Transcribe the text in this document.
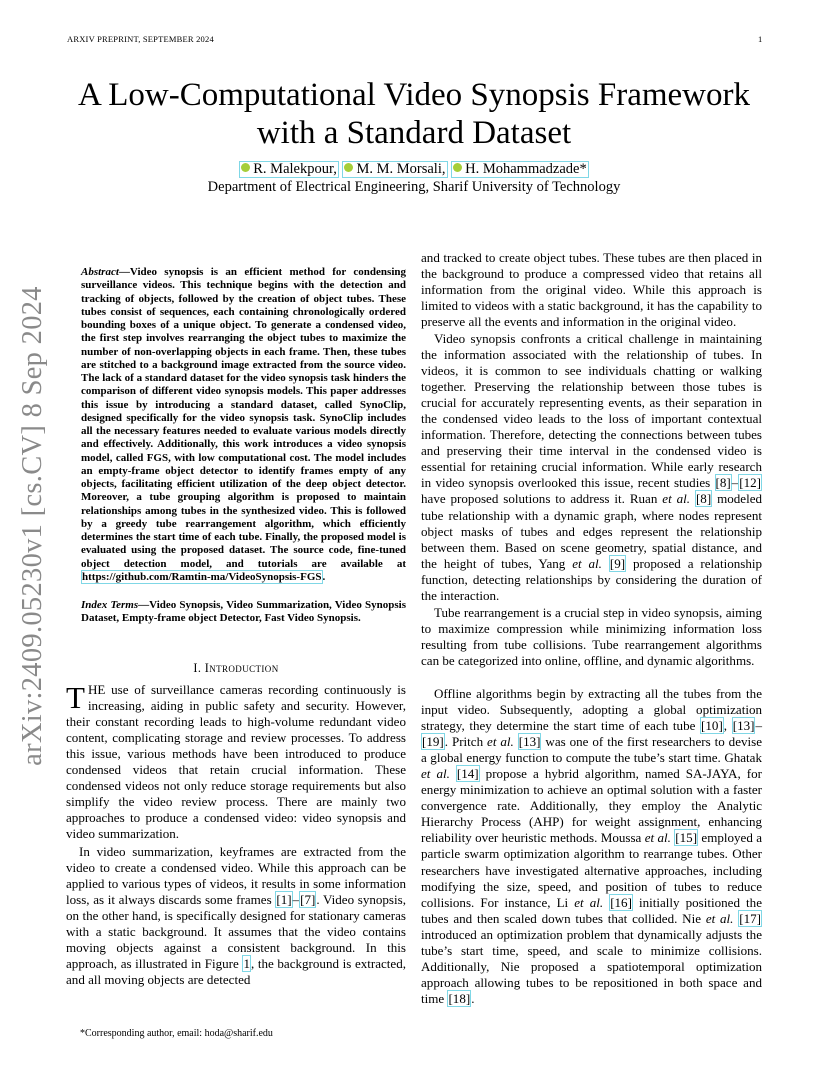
ARXIV PREPRINT, SEPTEMBER 2024	1
A Low-Computational Video Synopsis Framework
with a Standard Dataset
R. Malekpour, M. M. Morsali, H. Mohammadzade*
Department of Electrical Engineering, Sharif University of Technology
arXiv:2409.05230v1 [cs.CV] 8 Sep 2024
Abstract—Video synopsis is an efficient method for condensing surveillance videos. This technique begins with the detection and tracking of objects, followed by the creation of object tubes. These tubes consist of sequences, each containing chronologically ordered bounding boxes of a unique object. To generate a condensed video, the first step involves rearranging the object tubes to maximize the number of non-overlapping objects in each frame. Then, these tubes are stitched to a background image extracted from the source video. The lack of a standard dataset for the video synopsis task hinders the comparison of different video synopsis models. This paper addresses this issue by introducing a standard dataset, called SynoClip, designed specifically for the video synopsis task. SynoClip includes all the necessary features needed to evaluate various models directly and effectively. Additionally, this work introduces a video synopsis model, called FGS, with low computational cost. The model includes an empty-frame object detector to identify frames empty of any objects, facilitating efficient utilization of the deep object detector. Moreover, a tube grouping algorithm is proposed to maintain relationships among tubes in the synthesized video. This is followed by a greedy tube rearrangement algorithm, which efficiently determines the start time of each tube. Finally, the proposed model is evaluated using the proposed dataset. The source code, fine-tuned object detection model, and tutorials are available at https://github.com/Ramtin-ma/VideoSynopsis-FGS.
Index Terms—Video Synopsis, Video Summarization, Video Synopsis Dataset, Empty-frame object Detector, Fast Video Synopsis.
I. Introduction
THE use of surveillance cameras recording continuously is increasing, aiding in public safety and security. However, their constant recording leads to high-volume redundant video content, complicating storage and review processes. To address this issue, various methods have been introduced to produce condensed videos that retain crucial information. These condensed videos not only reduce storage requirements but also simplify the video review process. There are mainly two approaches to produce a condensed video: video synopsis and video summarization.
In video summarization, keyframes are extracted from the video to create a condensed video. While this approach can be applied to various types of videos, it results in some information loss, as it always discards some frames [1]–[7]. Video synopsis, on the other hand, is specifically designed for stationary cameras with a static background. It assumes that the video contains moving objects against a consistent background. In this approach, as illustrated in Figure 1, the background is extracted, and all moving objects are detected
*Corresponding author, email: hoda@sharif.edu
and tracked to create object tubes. These tubes are then placed in the background to produce a compressed video that retains all information from the original video. While this approach is limited to videos with a static background, it has the capability to preserve all the events and information in the original video.
Video synopsis confronts a critical challenge in maintaining the information associated with the relationship of tubes. In videos, it is common to see individuals chatting or walking together. Preserving the relationship between those tubes is crucial for accurately representing events, as their separation in the condensed video leads to the loss of important contextual information. Therefore, detecting the connections between tubes and preserving their time interval in the condensed video is essential for retaining crucial information. While early research in video synopsis overlooked this issue, recent studies [8]–[12] have proposed solutions to address it. Ruan et al. [8] modeled tube relationship with a dynamic graph, where nodes represent object masks of tubes and edges represent the relationship between them. Based on scene geometry, spatial distance, and the height of tubes, Yang et al. [9] proposed a relationship function, detecting relationships by considering the duration of the interaction.
Tube rearrangement is a crucial step in video synopsis, aiming to maximize compression while minimizing information loss resulting from tube collisions. Tube rearrangement algorithms can be categorized into online, offline, and dynamic algorithms.
Offline algorithms begin by extracting all the tubes from the input video. Subsequently, adopting a global optimization strategy, they determine the start time of each tube [10], [13]–[19]. Pritch et al. [13] was one of the first researchers to devise a global energy function to compute the tube’s start time. Ghatak et al. [14] propose a hybrid algorithm, named SA-JAYA, for energy minimization to achieve an optimal solution with a faster convergence rate. Additionally, they employ the Analytic Hierarchy Process (AHP) for weight assignment, enhancing reliability over heuristic methods. Moussa et al. [15] employed a particle swarm optimization algorithm to rearrange tubes. Other researchers have investigated alternative approaches, including modifying the size, speed, and position of tubes to reduce collisions. For instance, Li et al. [16] initially positioned the tubes and then scaled down tubes that collided. Nie et al. [17] introduced an optimization problem that dynamically adjusts the tube’s start time, speed, and scale to minimize collisions. Additionally, Nie proposed a spatiotemporal optimization approach allowing tubes to be repositioned in both space and time [18].
